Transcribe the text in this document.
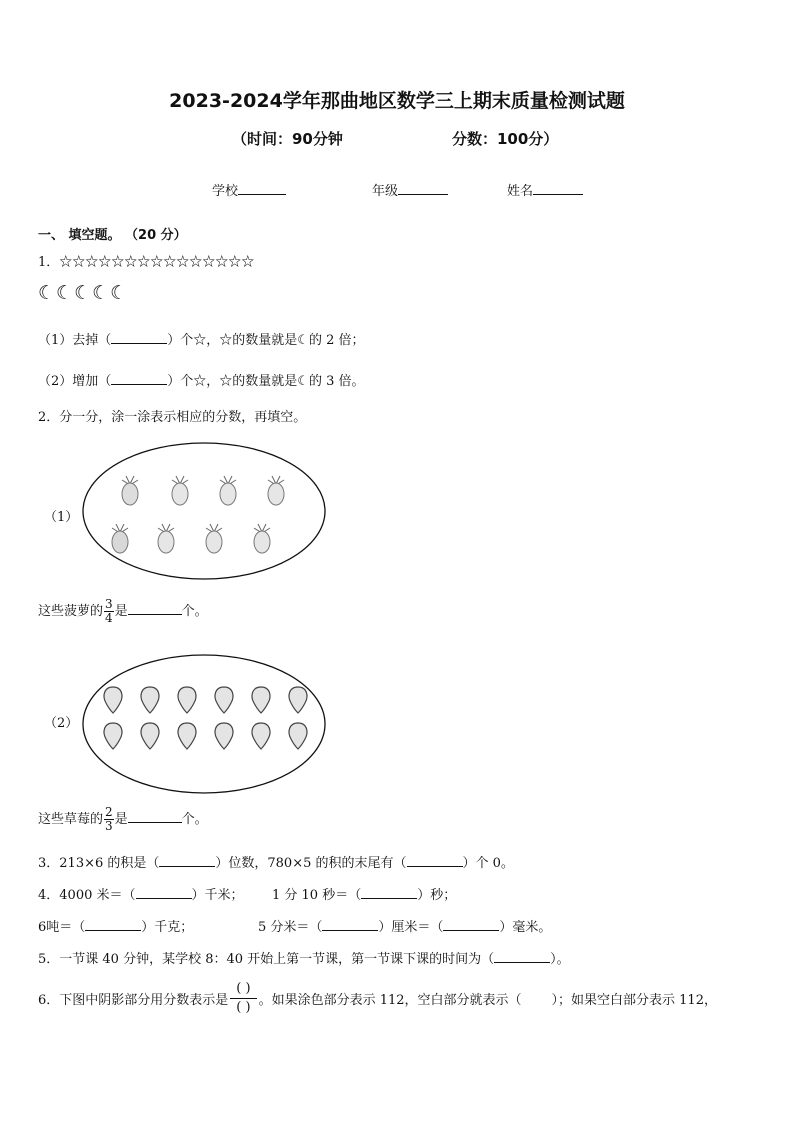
2023-2024学年那曲地区数学三上期末质量检测试题
（时间：90分钟	分数：100分）
学校	年级	姓名
一、 填空题。 （20 分）
1．☆☆☆☆☆☆☆☆☆☆☆☆☆☆☆
☾☾☾☾☾
（1）去掉（	）个☆，☆的数量就是☾的 2 倍；
（2）增加（	）个☆，☆的数量就是☾的 3 倍。
2．分一分，涂一涂表示相应的分数，再填空。
（1）
这些菠萝的 $\frac{3}{4}$ 是	个。
（2）
这些草莓的 $\frac{2}{3}$ 是	个。
3．213×6 的积是（	）位数，780×5 的积的末尾有（	）个 0。
4．4000 米＝（	）千米； 1 分 10 秒＝（	）秒；
6吨＝（	）千克；	5 分米＝（	）厘米＝（	）毫米。
5．一节课 40 分钟，某学校 8：40 开始上第一节课，第一节课下课的时间为（	）。
6．下图中阴影部分用分数表示是
( )
( ) 。如果涂色部分表示 112，空白部分就表示（ ）；如果空白部分表示 112，
